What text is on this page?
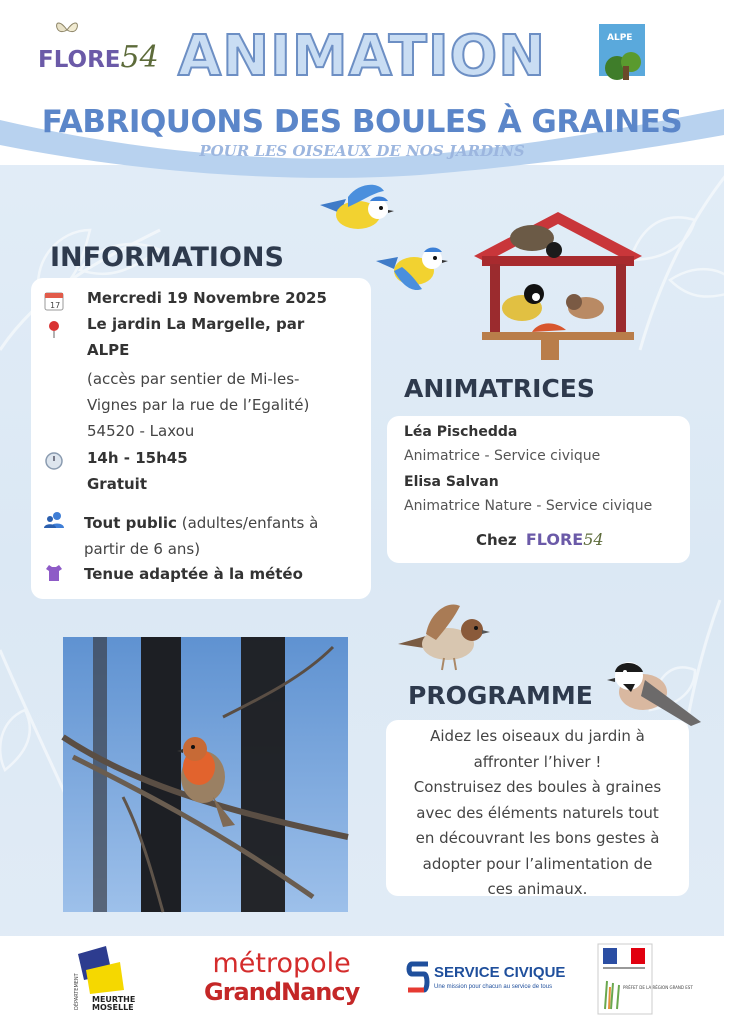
FLORE54
ALPE
ANIMATION
FABRIQUONS DES BOULES À GRAINES
POUR LES OISEAUX DE NOS JARDINS
INFORMATIONS
17 Mercredi 19 Novembre 2025
Le jardin La Margelle, par
ALPE
(accès par sentier de Mi-les-
Vignes par la rue de l’Egalité)
54520 - Laxou
14h - 15h45
Gratuit
Tout public (adultes/enfants à
partir de 6 ans)
Tenue adaptée à la météo
ANIMATRICES
Léa Pischedda
Animatrice - Service civique
Elisa Salvan
Animatrice Nature - Service civique
Chez FLORE54
PROGRAMME
Aidez les oiseaux du jardin à
affronter l’hiver !
Construisez des boules à graines
avec des éléments naturels tout
en découvrant les bons gestes à
adopter pour l’alimentation de
ces animaux.
MEURTHE
MOSELLE
DÉPARTEMENT
métropole
GrandNancy
SERVICE CIVIQUE
Une mission pour chacun au service de tous	PRÉFET DE LA RÉGION GRAND EST
